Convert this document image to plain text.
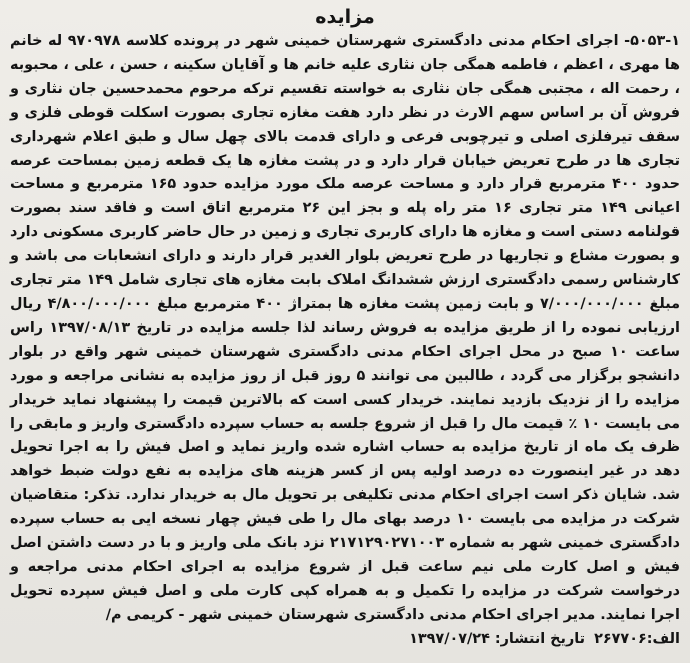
مزایده

۵۰۵۳-۱- اجرای احکام مدنی دادگستری شهرستان خمینی شهر در پرونده کلاسه ۹۷۰۹۷۸ له خانم ها مهری ، اعظم ، فاطمه همگی جان نثاری علیه خانم ها و آقایان سکینه ، حسن ، علی ، محبوبه ، رحمت اله ، مجتبی همگی جان نثاری به خواسته تقسیم ترکه مرحوم محمدحسین جان نثاری و فروش آن بر اساس سهم الارث در نظر دارد هفت مغازه تجاری بصورت اسکلت قوطی فلزی و سقف تیرفلزی اصلی و تیرچوبی فرعی و دارای قدمت بالای چهل سال و طبق اعلام شهرداری تجاری ها در طرح تعریض خیابان قرار دارد و در پشت مغازه ها یک قطعه زمین بمساحت عرصه حدود ۴۰۰ مترمربع قرار دارد و مساحت عرصه ملک مورد مزایده حدود ۱۶۵ مترمربع و مساحت اعیانی ۱۴۹ متر تجاری ۱۶ متر راه پله و بجز این ۲۶ مترمربع اتاق است و فاقد سند بصورت قولنامه دستی است و مغازه ها دارای کاربری تجاری و زمین در حال حاضر کاربری مسکونی دارد و بصورت مشاع و تجاریها در طرح تعریض بلوار الغدیر قرار دارند و دارای انشعابات می باشد و کارشناس رسمی دادگستری ارزش ششدانگ املاک بابت مغازه های تجاری شامل ۱۴۹ متر تجاری مبلغ ۷/۰۰۰/۰۰۰/۰۰۰ و بابت زمین پشت مغازه ها بمتراژ ۴۰۰ مترمربع مبلغ ۴/۸۰۰/۰۰۰/۰۰۰ ریال ارزیابی نموده را از طریق مزایده به فروش رساند لذا جلسه مزایده در تاریخ ۱۳۹۷/۰۸/۱۳ راس ساعت ۱۰ صبح در محل اجرای احکام مدنی دادگستری شهرستان خمینی شهر واقع در بلوار دانشجو برگزار می گردد ، طالبین می توانند ۵ روز قبل از روز مزایده به نشانی مراجعه و مورد مزایده را از نزدیک بازدید نمایند. خریدار کسی است که بالاترین قیمت را پیشنهاد نماید خریدار می بایست ۱۰ ٪ قیمت مال را قبل از شروع جلسه به حساب سپرده دادگستری واریز و مابقی را ظرف یک ماه از تاریخ مزایده به حساب اشاره شده واریز نماید و اصل فیش را به اجرا تحویل دهد در غیر اینصورت ده درصد اولیه پس از کسر هزینه های مزایده به نفع دولت ضبط خواهد شد. شایان ذکر است اجرای احکام مدنی تکلیفی بر تحویل مال به خریدار ندارد. تذکر: متقاضیان شرکت در مزایده می بایست ۱۰ درصد بهای مال را طی فیش چهار نسخه ایی به حساب سپرده دادگستری خمینی شهر به شماره ۲۱۷۱۲۹۰۲۷۱۰۰۳ نزد بانک ملی واریز و با در دست داشتن اصل فیش و اصل کارت ملی نیم ساعت قبل از شروع مزایده به اجرای احکام مدنی مراجعه و درخواست شرکت در مزایده را تکمیل و به همراه کپی کارت ملی و اصل فیش سپرده تحویل اجرا نمایند. مدیر اجرای احکام مدنی دادگستری شهرستان خمینی شهر - کریمی م/

الف:۲۶۷۷۰۶ تاریخ انتشار: ۱۳۹۷/۰۷/۲۴
